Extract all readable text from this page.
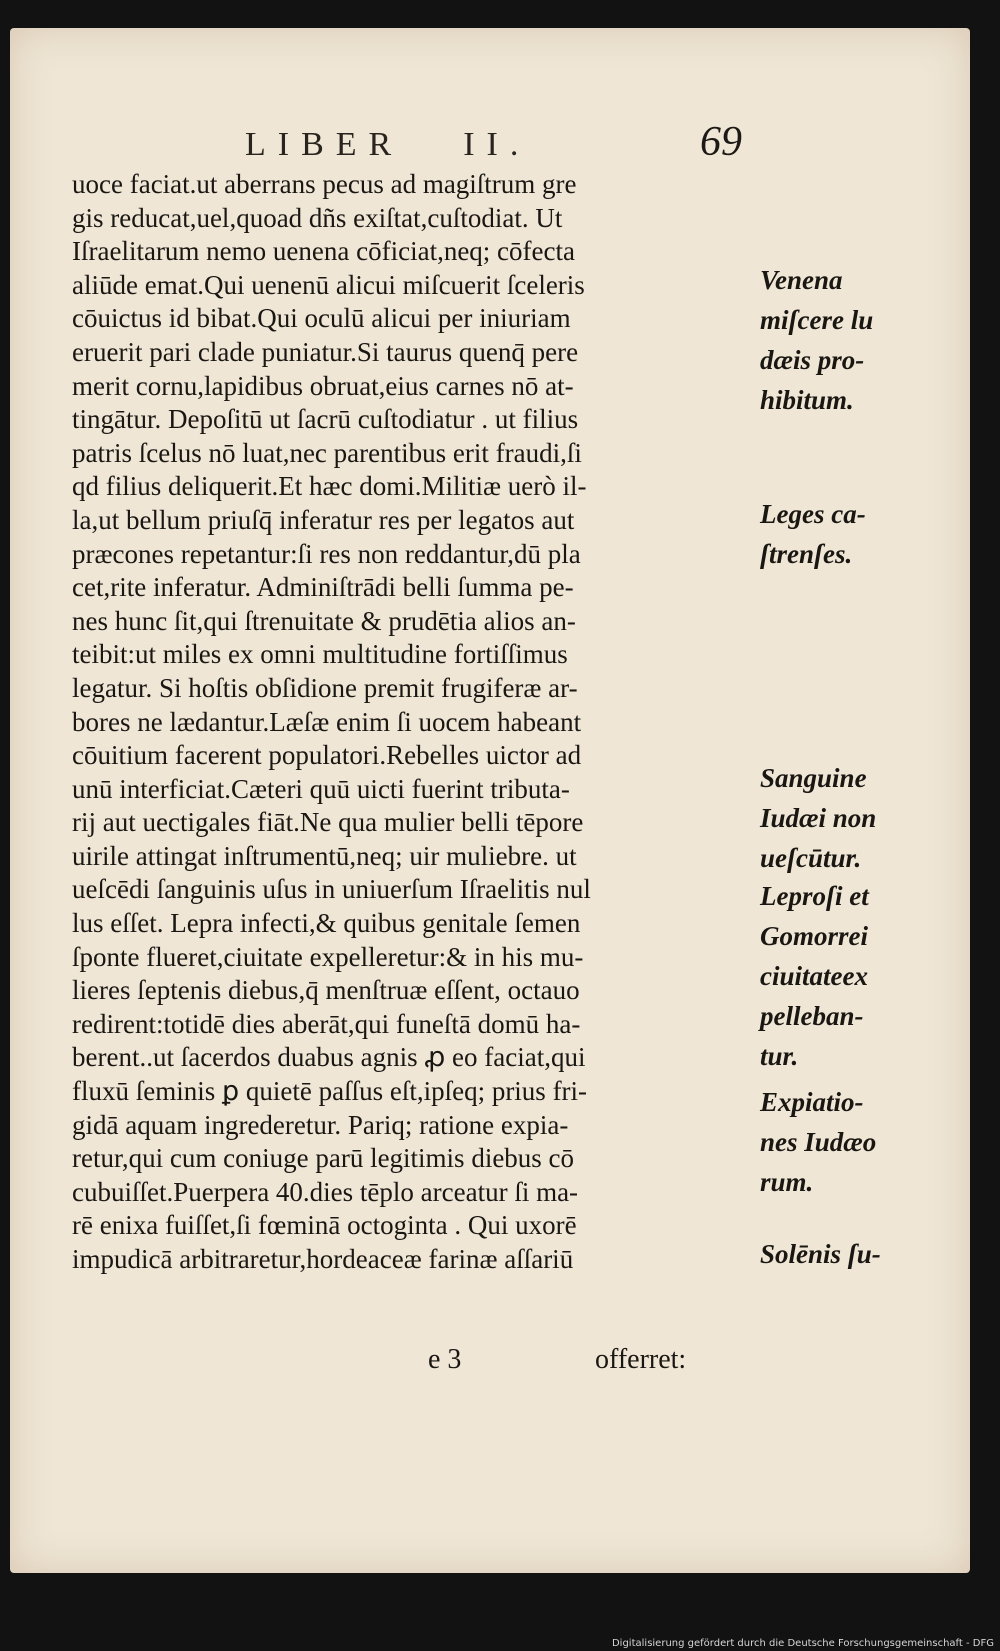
LIBER II.	69
uoce faciat.ut aberrans pecus ad magiſtrum gre
gis reducat,uel,quoad dñs exiſtat,cuſtodiat. Ut
Iſraelitarum nemo uenena cōficiat,neq; cōfecta
aliūde emat.Qui uenenū alicui miſcuerit ſceleris
cōuictus id bibat.Qui oculū alicui per iniuriam
eruerit pari clade puniatur.Si taurus quenq̄ pere
merit cornu,lapidibus obruat,eius carnes nō at-
tingātur. Depoſitū ut ſacrū cuſtodiatur . ut filius
patris ſcelus nō luat,nec parentibus erit fraudi,ſi
qd filius deliquerit.Et hæc domi.Militiæ uerò il-
la,ut bellum priuſq̄ inferatur res per legatos aut
præcones repetantur:ſi res non reddantur,dū pla
cet,rite inferatur. Adminiſtrādi belli ſumma pe-
nes hunc ſit,qui ſtrenuitate & prudētia alios an-
teibit:ut miles ex omni multitudine fortiſſimus
legatur. Si hoſtis obſidione premit frugiferæ ar-
bores ne lædantur.Læſæ enim ſi uocem habeant
cōuitium facerent populatori.Rebelles uictor ad
unū interficiat.Cæteri quū uicti fuerint tributa-
rij aut uectigales fiāt.Ne qua mulier belli tēpore
uirile attingat inſtrumentū,neq; uir muliebre. ut
ueſcēdi ſanguinis uſus in uniuerſum Iſraelitis nul
lus eſſet. Lepra infecti,& quibus genitale ſemen
ſponte flueret,ciuitate expelleretur:& in his mu-
lieres ſeptenis diebus,q̄ menſtruæ eſſent, octauo
redirent:totidē dies aberāt,qui funeſtā domū ha-
berent..ut ſacerdos duabus agnis ꝓ eo faciat,qui
fluxū ſeminis ꝑ quietē paſſus eſt,ipſeq; prius fri-
gidā aquam ingrederetur. Pariq; ratione expia-
retur,qui cum coniuge parū legitimis diebus cō
cubuiſſet.Puerpera 40.dies tēplo arceatur ſi ma-
rē enixa fuiſſet,ſi fœminā octoginta . Qui uxorē
impudicā arbitraretur,hordeaceæ farinæ aſſariū
Venena
miſcere lu
dæis pro-
hibitum.
Leges ca-
ſtrenſes.
Sanguine
Iudæi non
ueſcūtur.
Leproſi et
Gomorrei
ciuitateex
pelleban-
tur.
Expiatio-
nes Iudæo
rum.
Solēnis ſu-
e 3	offerret:
Digitalisierung gefördert durch die Deutsche Forschungsgemeinschaft - DFG
